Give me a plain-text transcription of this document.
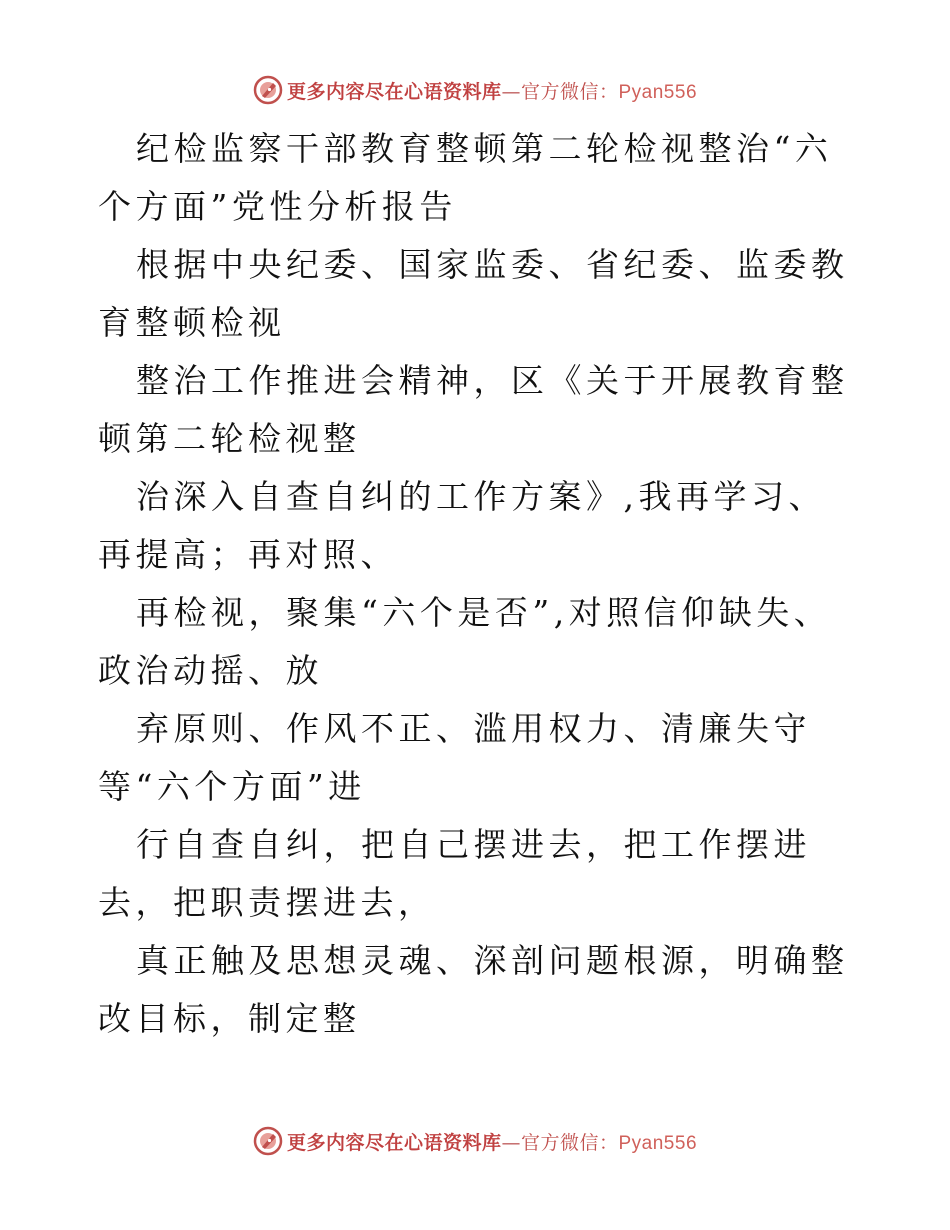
更多内容尽在心语资料库—官方微信：Pyan556

纪检监察干部教育整顿第二轮检视整治“六个方面”党性分析报告

根据中央纪委、国家监委、省纪委、监委教育整顿检视

整治工作推进会精神，区《关于开展教育整顿第二轮检视整

治深入自查自纠的工作方案》,我再学习、再提高；再对照、

再检视，聚集“六个是否”,对照信仰缺失、政治动摇、放

弃原则、作风不正、滥用权力、清廉失守等“六个方面”进

行自查自纠，把自己摆进去，把工作摆进去，把职责摆进去，

真正触及思想灵魂、深剖问题根源，明确整改目标，制定整

更多内容尽在心语资料库—官方微信：Pyan556
